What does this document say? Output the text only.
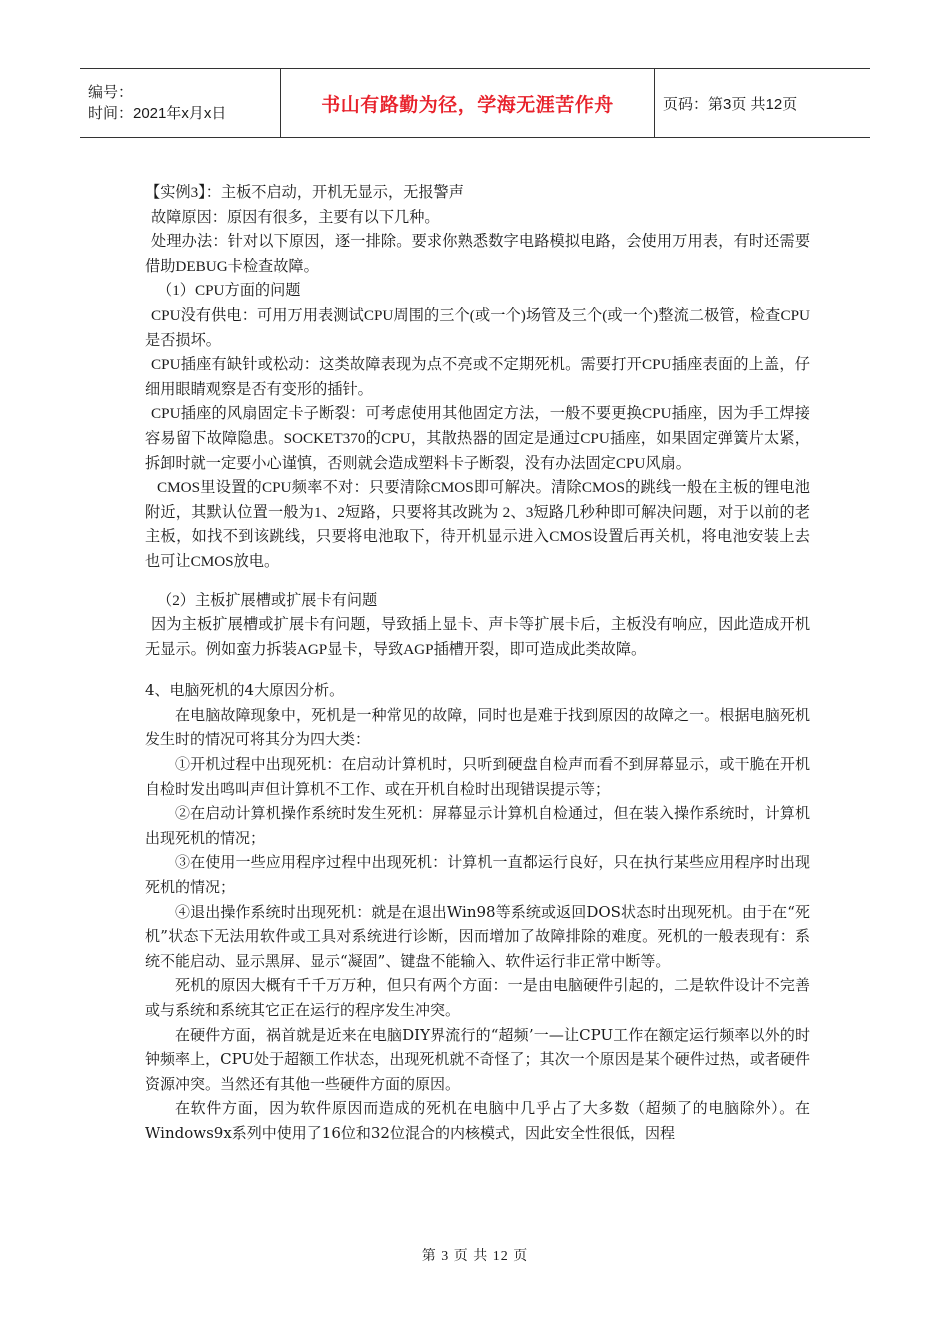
编号：
时间：2021年x月x日	书山有路勤为径，学海无涯苦作舟	页码：第3页 共12页

【实例3】：主板不启动，开机无显示，无报警声

故障原因：原因有很多，主要有以下几种。

处理办法：针对以下原因，逐一排除。要求你熟悉数字电路模拟电路，会使用万用表，有时还需要借助DEBUG卡检查故障。

（1）CPU方面的问题

CPU没有供电：可用万用表测试CPU周围的三个(或一个)场管及三个(或一个)整流二极管，检查CPU是否损坏。

CPU插座有缺针或松动：这类故障表现为点不亮或不定期死机。需要打开CPU插座表面的上盖，仔细用眼睛观察是否有变形的插针。

CPU插座的风扇固定卡子断裂：可考虑使用其他固定方法，一般不要更换CPU插座，因为手工焊接容易留下故障隐患。SOCKET370的CPU，其散热器的固定是通过CPU插座，如果固定弹簧片太紧，拆卸时就一定要小心谨慎，否则就会造成塑料卡子断裂，没有办法固定CPU风扇。

CMOS里设置的CPU频率不对：只要清除CMOS即可解决。清除CMOS的跳线一般在主板的锂电池附近，其默认位置一般为1、2短路，只要将其改跳为 2、3短路几秒种即可解决问题，对于以前的老主板，如找不到该跳线，只要将电池取下，待开机显示进入CMOS设置后再关机，将电池安装上去也可让CMOS放电。

（2）主板扩展槽或扩展卡有问题

因为主板扩展槽或扩展卡有问题，导致插上显卡、声卡等扩展卡后，主板没有响应，因此造成开机无显示。例如蛮力拆装AGP显卡，导致AGP插槽开裂，即可造成此类故障。

4、电脑死机的4大原因分析。

在电脑故障现象中，死机是一种常见的故障，同时也是难于找到原因的故障之一。根据电脑死机发生时的情况可将其分为四大类：

①开机过程中出现死机：在启动计算机时，只听到硬盘自检声而看不到屏幕显示，或干脆在开机自检时发出鸣叫声但计算机不工作、或在开机自检时出现错误提示等；

②在启动计算机操作系统时发生死机：屏幕显示计算机自检通过，但在装入操作系统时，计算机出现死机的情况；

③在使用一些应用程序过程中出现死机：计算机一直都运行良好，只在执行某些应用程序时出现死机的情况；

④退出操作系统时出现死机：就是在退出Win98等系统或返回DOS状态时出现死机。由于在“死机”状态下无法用软件或工具对系统进行诊断，因而增加了故障排除的难度。死机的一般表现有：系统不能启动、显示黑屏、显示“凝固”、键盘不能输入、软件运行非正常中断等。

死机的原因大概有千千万万种，但只有两个方面：一是由电脑硬件引起的，二是软件设计不完善或与系统和系统其它正在运行的程序发生冲突。

在硬件方面，祸首就是近来在电脑DIY界流行的“超频’一—让CPU工作在额定运行频率以外的时钟频率上，CPU处于超额工作状态，出现死机就不奇怪了；其次一个原因是某个硬件过热，或者硬件资源冲突。当然还有其他一些硬件方面的原因。

在软件方面，因为软件原因而造成的死机在电脑中几乎占了大多数（超频了的电脑除外）。在Windows9x系列中使用了16位和32位混合的内核模式，因此安全性很低，因程

第 3 页 共 12 页
